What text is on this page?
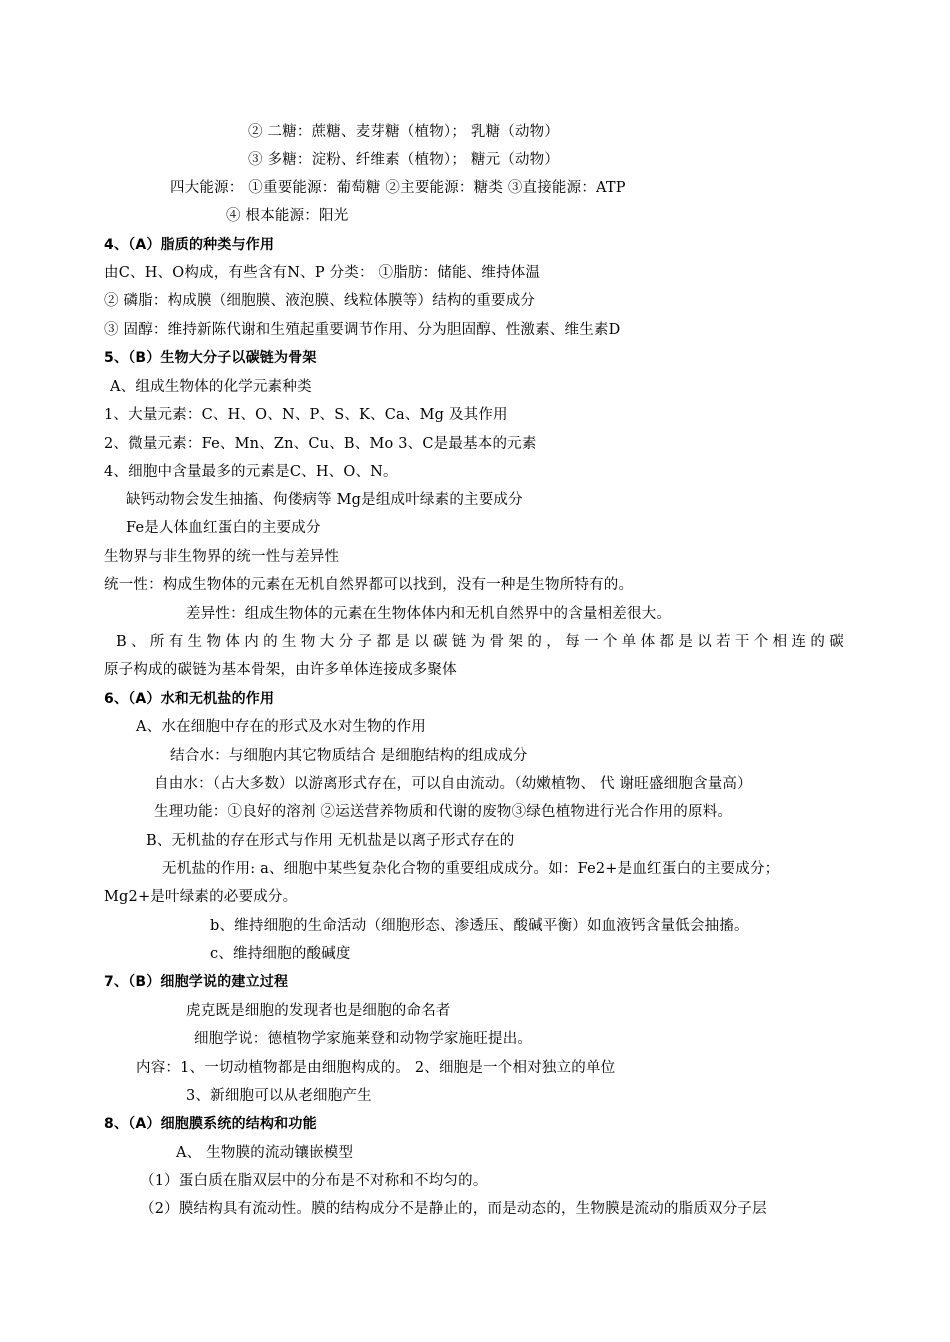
② 二糖：蔗糖、麦芽糖（植物）； 乳糖（动物）
③ 多糖：淀粉、纤维素（植物）； 糖元（动物）
四大能源： ①重要能源：葡萄糖 ②主要能源：糖类 ③直接能源：ATP
④ 根本能源：阳光
4、（A）脂质的种类与作用
由C、H、O构成，有些含有N、P 分类： ①脂肪：储能、维持体温
② 磷脂：构成膜（细胞膜、液泡膜、线粒体膜等）结构的重要成分
③ 固醇：维持新陈代谢和生殖起重要调节作用、分为胆固醇、性激素、维生素D
5、（B）生物大分子以碳链为骨架
A、组成生物体的化学元素种类
1、大量元素：C、H、O、N、P、S、K、Ca、Mg 及其作用
2、微量元素：Fe、Mn、Zn、Cu、B、Mo 3、C是最基本的元素
4、细胞中含量最多的元素是C、H、O、N。
缺钙动物会发生抽搐、佝偻病等 Mg是组成叶绿素的主要成分
Fe是人体血红蛋白的主要成分
生物界与非生物界的统一性与差异性
统一性：构成生物体的元素在无机自然界都可以找到，没有一种是生物所特有的。
差异性：组成生物体的元素在生物体体内和无机自然界中的含量相差很大。
B、所有生物体内的生物大分子都是以碳链为骨架的，每一个单体都是以若干个相连的碳
原子构成的碳链为基本骨架，由许多单体连接成多聚体
6、（A）水和无机盐的作用
A、水在细胞中存在的形式及水对生物的作用
结合水：与细胞内其它物质结合 是细胞结构的组成成分
自由水：（占大多数）以游离形式存在，可以自由流动。（幼嫩植物、 代 谢旺盛细胞含量高）
生理功能：①良好的溶剂 ②运送营养物质和代谢的废物③绿色植物进行光合作用的原料。
B、无机盐的存在形式与作用 无机盐是以离子形式存在的
无机盐的作用: a、细胞中某些复杂化合物的重要组成成分。如：Fe2+是血红蛋白的主要成分；
Mg2+是叶绿素的必要成分。
b、维持细胞的生命活动（细胞形态、渗透压、酸碱平衡）如血液钙含量低会抽搐。
c、维持细胞的酸碱度
7、（B）细胞学说的建立过程
虎克既是细胞的发现者也是细胞的命名者
细胞学说：德植物学家施莱登和动物学家施旺提出。
内容：1、一切动植物都是由细胞构成的。 2、细胞是一个相对独立的单位
3、新细胞可以从老细胞产生
8、（A）细胞膜系统的结构和功能
A、 生物膜的流动镶嵌模型
（1）蛋白质在脂双层中的分布是不对称和不均匀的。
（2）膜结构具有流动性。膜的结构成分不是静止的，而是动态的，生物膜是流动的脂质双分子层
